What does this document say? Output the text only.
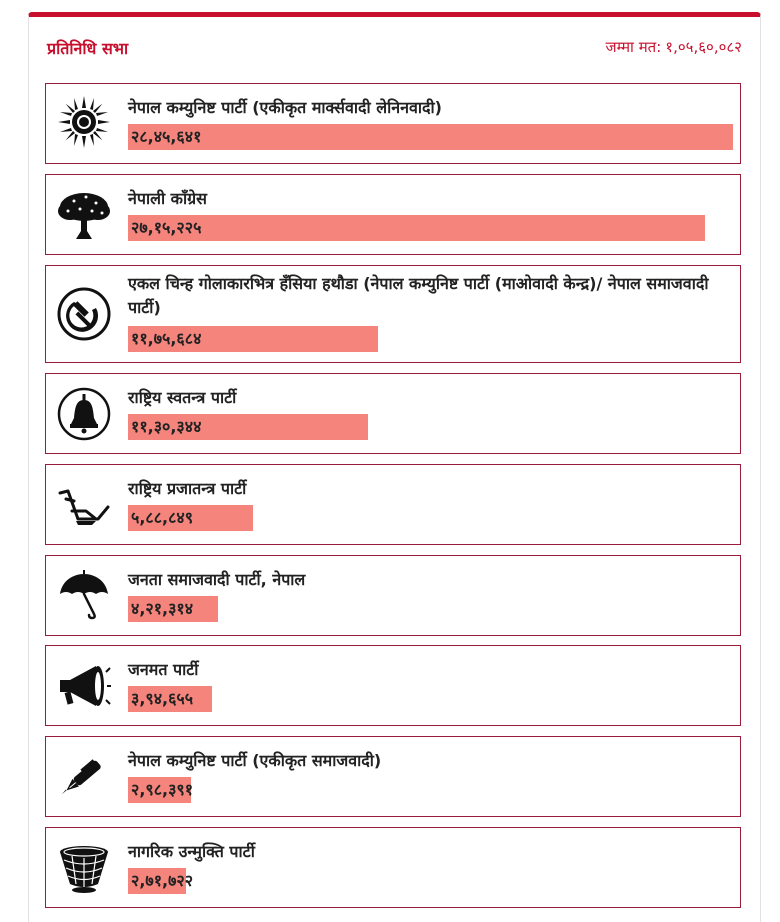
प्रतिनिधि सभा	जम्मा मत: १,०५,६०,०८२
नेपाल कम्युनिष्ट पार्टी (एकीकृत मार्क्सवादी लेनिनवादी)
२८,४५,६४१
नेपाली काँग्रेस
२७,१५,२२५
एकल चिन्ह गोलाकारभित्र हँसिया हथौडा (नेपाल कम्युनिष्ट पार्टी (माओवादी केन्द्र)/ नेपाल समाजवादी पार्टी)
११,७५,६८४
राष्ट्रिय स्वतन्त्र पार्टी
११,३०,३४४
राष्ट्रिय प्रजातन्त्र पार्टी
५,८८,८४९
जनता समाजवादी पार्टी, नेपाल
४,२१,३१४
जनमत पार्टी
३,९४,६५५
नेपाल कम्युनिष्ट पार्टी (एकीकृत समाजवादी)
२,९८,३९१
नागरिक उन्मुक्ति पार्टी
२,७१,७२२
